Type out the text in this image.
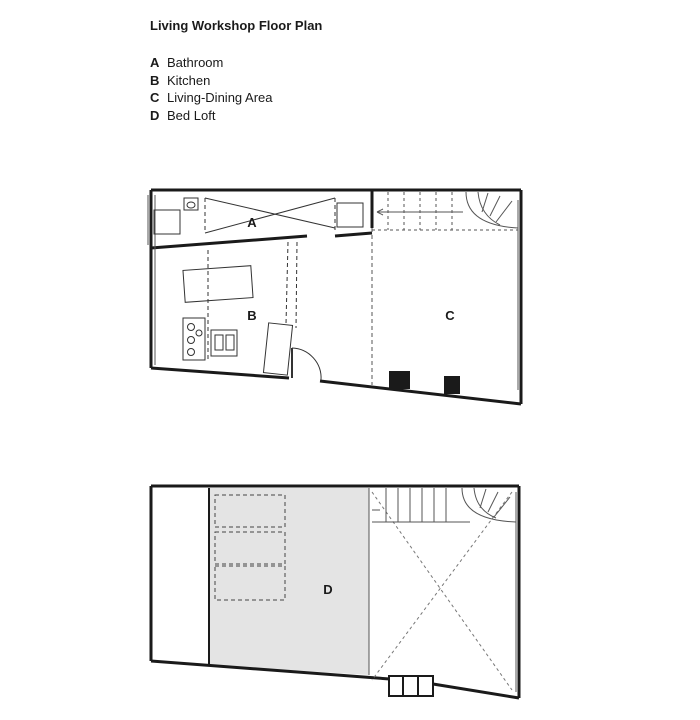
Living Workshop Floor Plan
A Bathroom
B Kitchen
C Living-Dining Area
D Bed Loft
A
B	C
D
